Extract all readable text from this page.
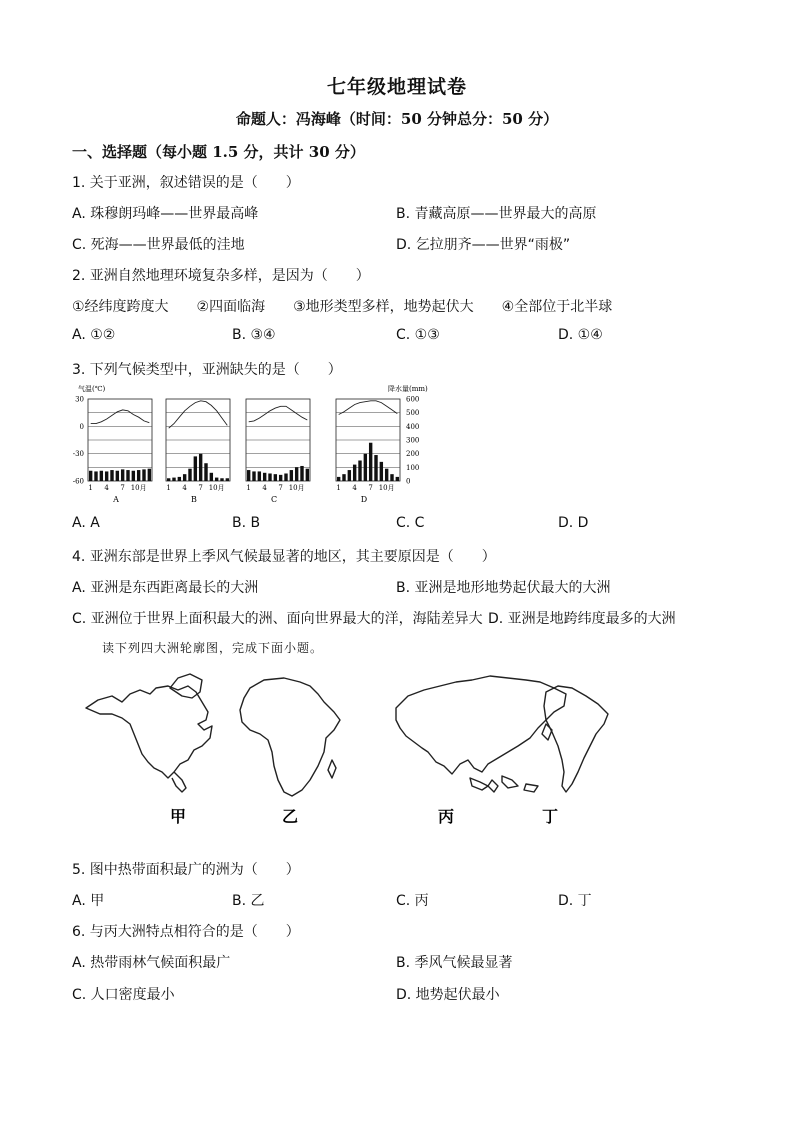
七年级地理试卷
命题人：冯海峰（时间：50 分钟总分：50 分）
一、选择题（每小题 1.5 分，共计 30 分）
1. 关于亚洲，叙述错误的是（　　）
A. 珠穆朗玛峰——世界最高峰	B. 青藏高原——世界最大的高原
C. 死海——世界最低的洼地	D. 乞拉朋齐——世界“雨极”
2. 亚洲自然地理环境复杂多样，是因为（　　）
①经纬度跨度大　　②四面临海　　③地形类型多样，地势起伏大　　④全部位于北半球
A. ①②	B. ③④	C. ①③	D. ①④
3. 下列气候类型中，亚洲缺失的是（　　）
气温(℃)	降水量(mm)
30
0
-30
-60
600
500
400
300
200
100
0
1 4 7 10月
A
1 4 7 10月
B
1 4 7 10月
C
1 4 7 10月
D
A. A	B. B	C. C	D. D
4. 亚洲东部是世界上季风气候最显著的地区，其主要原因是（　　）
A. 亚洲是东西距离最长的大洲	B. 亚洲是地形地势起伏最大的大洲
C. 亚洲位于世界上面积最大的洲、面向世界最大的洋，海陆差异大 D. 亚洲是地跨纬度最多的大洲
读下列四大洲轮廓图，完成下面小题。
甲	乙	丙	丁
5. 图中热带面积最广的洲为（　　）
A. 甲	B. 乙	C. 丙	D. 丁
6. 与丙大洲特点相符合的是（　　）
A. 热带雨林气候面积最广	B. 季风气候最显著
C. 人口密度最小	D. 地势起伏最小
